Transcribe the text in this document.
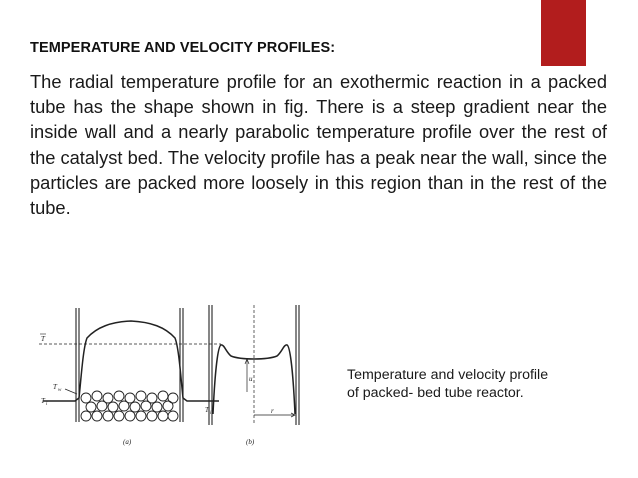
TEMPERATURE AND VELOCITY PROFILES:
The radial temperature profile for an exothermic reaction in a packed tube has the shape shown in fig. There is a steep gradient near the inside wall and a nearly parabolic temperature profile over the rest of the catalyst bed. The velocity profile has a peak near the wall, since the particles are packed more loosely in this region than in the rest of the tube.
T
T w
T i
T i
(a)
u
r
(b)
Temperature and velocity profile of packed- bed tube reactor.
